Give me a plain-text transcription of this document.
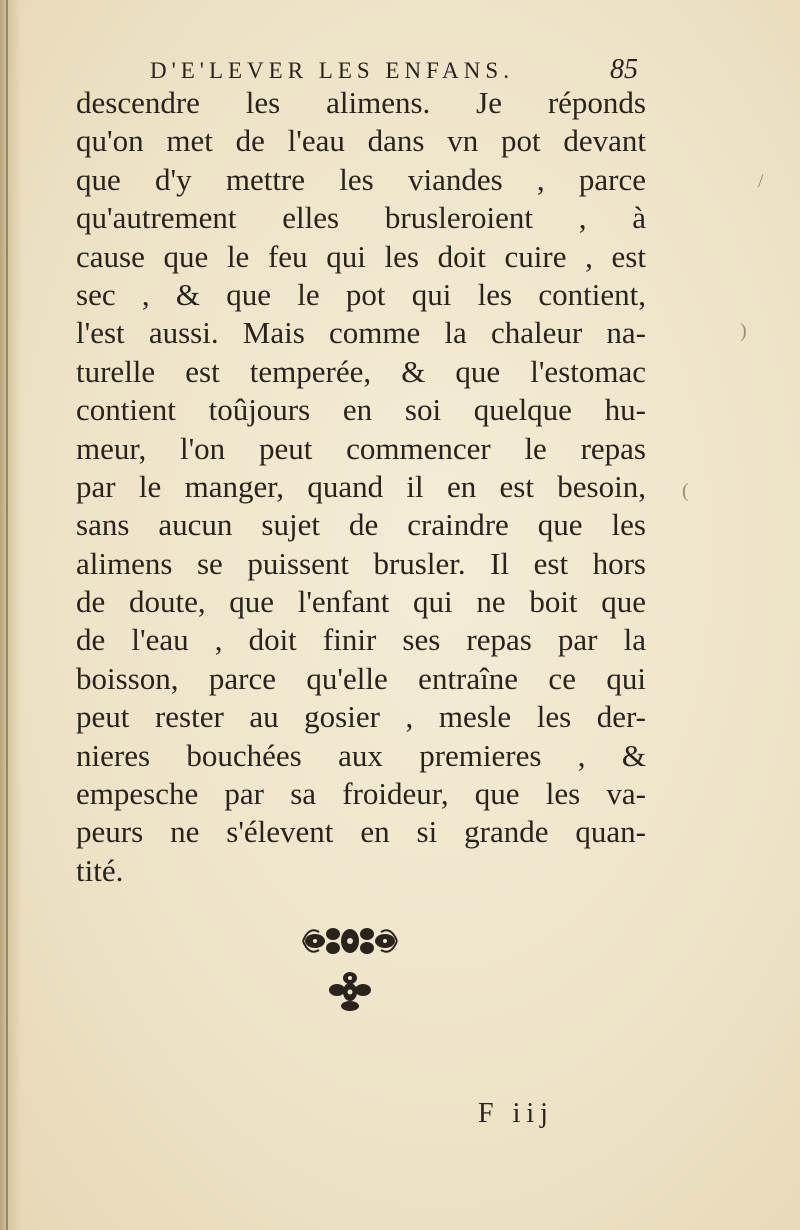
D'E'LEVER LES ENFANS.	85
descendre les alimens. Je réponds
qu'on met de l'eau dans vn pot devant
que d'y mettre les viandes , parce
qu'autrement elles brusleroient , à
cause que le feu qui les doit cuire , est
sec , & que le pot qui les contient,
l'est aussi. Mais comme la chaleur na-
turelle est temperée, & que l'estomac
contient toûjours en soi quelque hu-
meur, l'on peut commencer le repas
par le manger, quand il en est besoin,
sans aucun sujet de craindre que les
alimens se puissent brusler. Il est hors
de doute, que l'enfant qui ne boit que
de l'eau , doit finir ses repas par la
boisson, parce qu'elle entraîne ce qui
peut rester au gosier , mesle les der-
nieres bouchées aux premieres , &
empesche par sa froideur, que les va-
peurs ne s'élevent en si grande quan-
tité.
F iij
/
)
(
